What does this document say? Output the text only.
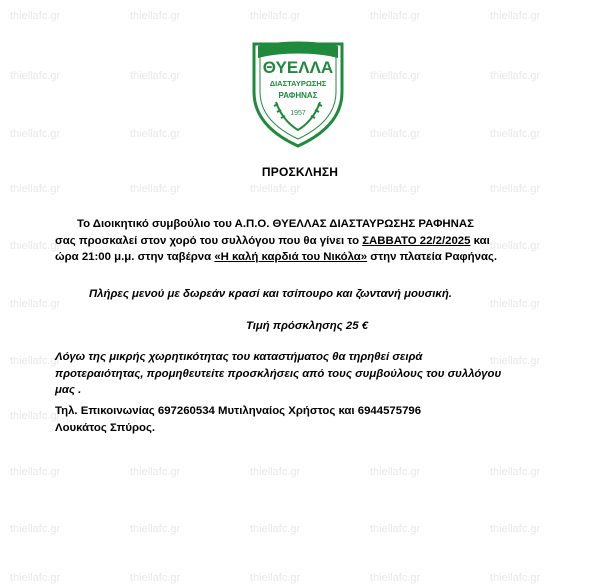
thiellafc.gr	thiellafc.gr	thiellafc.gr	thiellafc.gr	thiellafc.gr
thiellafc.gr	thiellafc.gr	thiellafc.gr	thiellafc.gr
thiellafc.gr	thiellafc.gr	thiellafc.gr	thiellafc.gr
thiellafc.gr	thiellafc.gr	thiellafc.gr	thiellafc.gr	thiellafc.gr
thiellafc.gr	thiellafc.gr
thiellafc.gr	thiellafc.gr
thiellafc.gr	thiellafc.gr
thiellafc.gr
thiellafc.gr	thiellafc.gr	thiellafc.gr	thiellafc.gr	thiellafc.gr
thiellafc.gr	thiellafc.gr	thiellafc.gr	thiellafc.gr	thiellafc.gr
thiellafc.gr	thiellafc.gr	thiellafc.gr	thiellafc.gr	thiellafc.gr
ΘΥΕΛΛΑ
ΔΙΑΣΤΑΥΡΩΣΗΣ
ΡΑΦΗΝΑΣ
1957
ΠΡΟΣΚΛΗΣΗ
Το Διοικητικό συμβούλιο του Α.Π.Ο. ΘΥΕΛΛΑΣ ΔΙΑΣΤΑΥΡΩΣΗΣ ΡΑΦΗΝΑΣ
σας προσκαλεί στον χορό του συλλόγου που θα γίνει το ΣΑΒΒΑΤΟ 22/2/2025 και
ώρα 21:00 μ.μ. στην ταβέρνα «Η καλή καρδιά του Νικόλα» στην πλατεία Ραφήνας.
Πλήρες μενού με δωρεάν κρασί και τσίπουρο και ζωντανή μουσική.
Τιμή πρόσκλησης 25 €
Λόγω της μικρής χωρητικότητας του καταστήματος θα τηρηθεί σειρά
προτεραιότητας, προμηθευτείτε προσκλήσεις από τους συμβούλους του συλλόγου
μας .
Τηλ. Επικοινωνίας 697260534 Μυτιληναίος Χρήστος και 6944575796
Λουκάτος Σπύρος.
